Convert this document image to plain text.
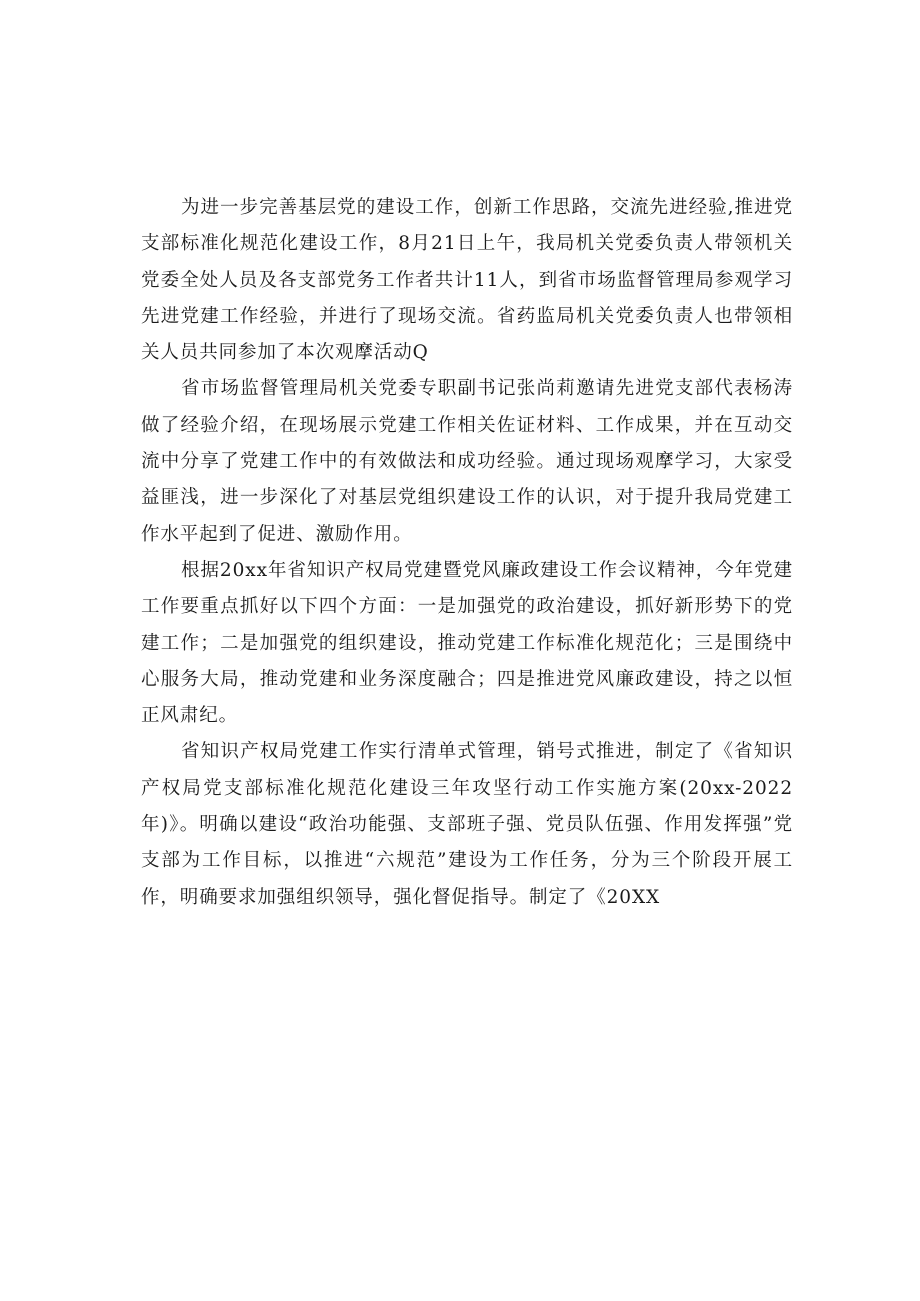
为进一步完善基层党的建设工作，创新工作思路，交流先进经验,推进党支部标准化规范化建设工作，8月21日上午，我局机关党委负责人带领机关党委全处人员及各支部党务工作者共计11人，到省市场监督管理局参观学习先进党建工作经验，并进行了现场交流。省药监局机关党委负责人也带领相关人员共同参加了本次观摩活动Q

省市场监督管理局机关党委专职副书记张尚莉邀请先进党支部代表杨涛做了经验介绍，在现场展示党建工作相关佐证材料、工作成果，并在互动交流中分享了党建工作中的有效做法和成功经验。通过现场观摩学习，大家受益匪浅，进一步深化了对基层党组织建设工作的认识，对于提升我局党建工作水平起到了促进、激励作用。

根据20xx年省知识产权局党建暨党风廉政建设工作会议精神，今年党建工作要重点抓好以下四个方面：一是加强党的政治建设，抓好新形势下的党建工作；二是加强党的组织建设，推动党建工作标准化规范化；三是围绕中心服务大局，推动党建和业务深度融合；四是推进党风廉政建设，持之以恒正风肃纪。

省知识产权局党建工作实行清单式管理，销号式推进，制定了《省知识产权局党支部标准化规范化建设三年攻坚行动工作实施方案(20xx-2022年)》。明确以建设“政治功能强、支部班子强、党员队伍强、作用发挥强”党支部为工作目标，以推进“六规范”建设为工作任务，分为三个阶段开展工作，明确要求加强组织领导，强化督促指导。制定了《20XX
